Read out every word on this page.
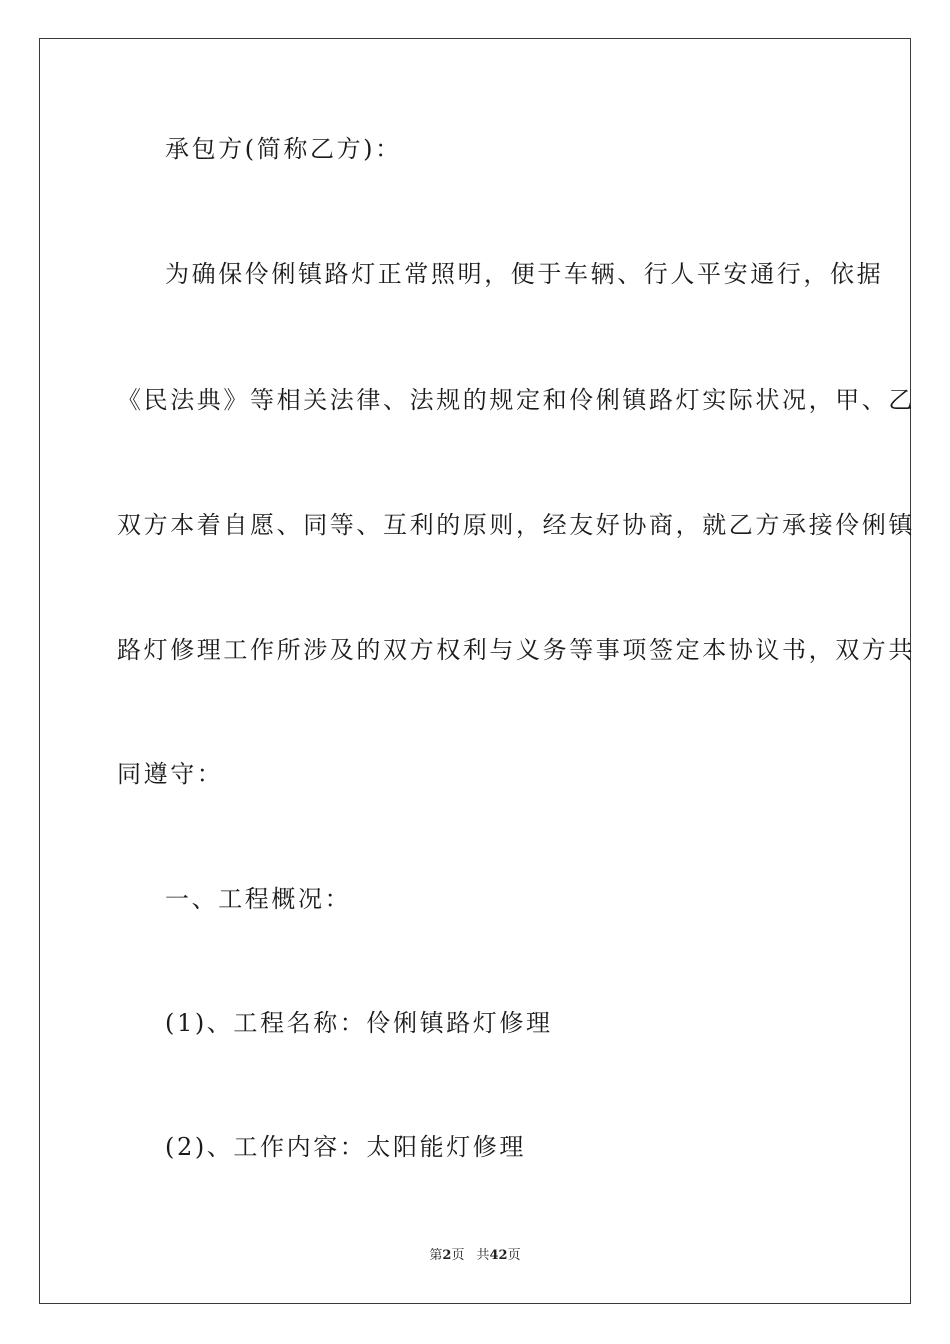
承包方(简称乙方)：
为确保伶俐镇路灯正常照明，便于车辆、行人平安通行，依据
《民法典》等相关法律、法规的规定和伶俐镇路灯实际状况，甲、乙
双方本着自愿、同等、互利的原则，经友好协商，就乙方承接伶俐镇
路灯修理工作所涉及的双方权利与义务等事项签定本协议书，双方共
同遵守：
一、工程概况：
(1)、工程名称：伶俐镇路灯修理
(2)、工作内容：太阳能灯修理
第2页 共42页
